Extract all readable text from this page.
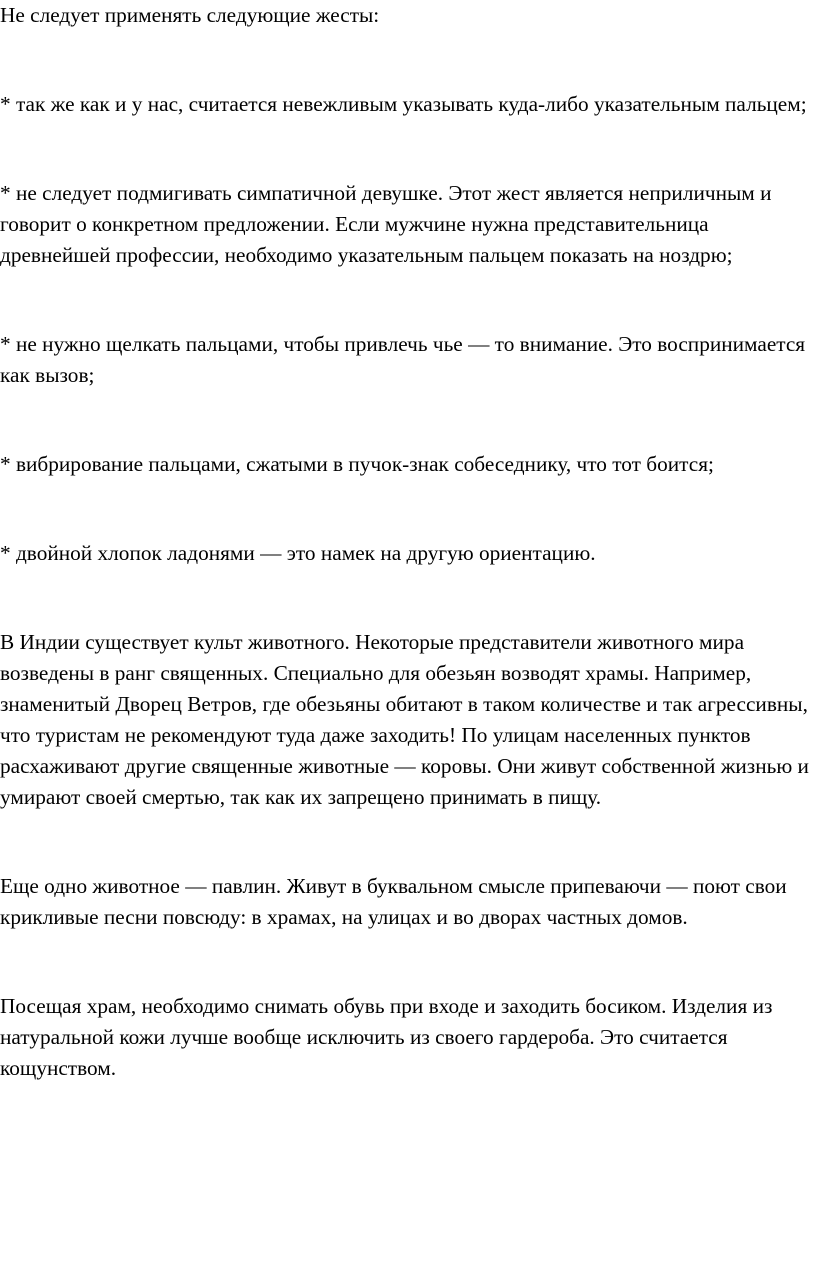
Не следует применять следующие жесты:

* так же как и у нас, считается невежливым указывать куда-либо указательным пальцем;

* не следует подмигивать симпатичной девушке. Этот жест является неприличным и говорит о конкретном предложении. Если мужчине нужна представительница древнейшей профессии, необходимо указательным пальцем показать на ноздрю;

* не нужно щелкать пальцами, чтобы привлечь чье — то внимание. Это воспринимается как вызов;

* вибрирование пальцами, сжатыми в пучок-знак собеседнику, что тот боится;

* двойной хлопок ладонями — это намек на другую ориентацию.

В Индии существует культ животного. Некоторые представители животного мира возведены в ранг священных. Специально для обезьян возводят храмы. Например, знаменитый Дворец Ветров, где обезьяны обитают в таком количестве и так агрессивны, что туристам не рекомендуют туда даже заходить! По улицам населенных пунктов расхаживают другие священные животные — коровы. Они живут собственной жизнью и умирают своей смертью, так как их запрещено принимать в пищу.

Еще одно животное — павлин. Живут в буквальном смысле припеваючи — поют свои крикливые песни повсюду: в храмах, на улицах и во дворах частных домов.

Посещая храм, необходимо снимать обувь при входе и заходить босиком. Изделия из натуральной кожи лучше вообще исключить из своего гардероба. Это считается кощунством.
